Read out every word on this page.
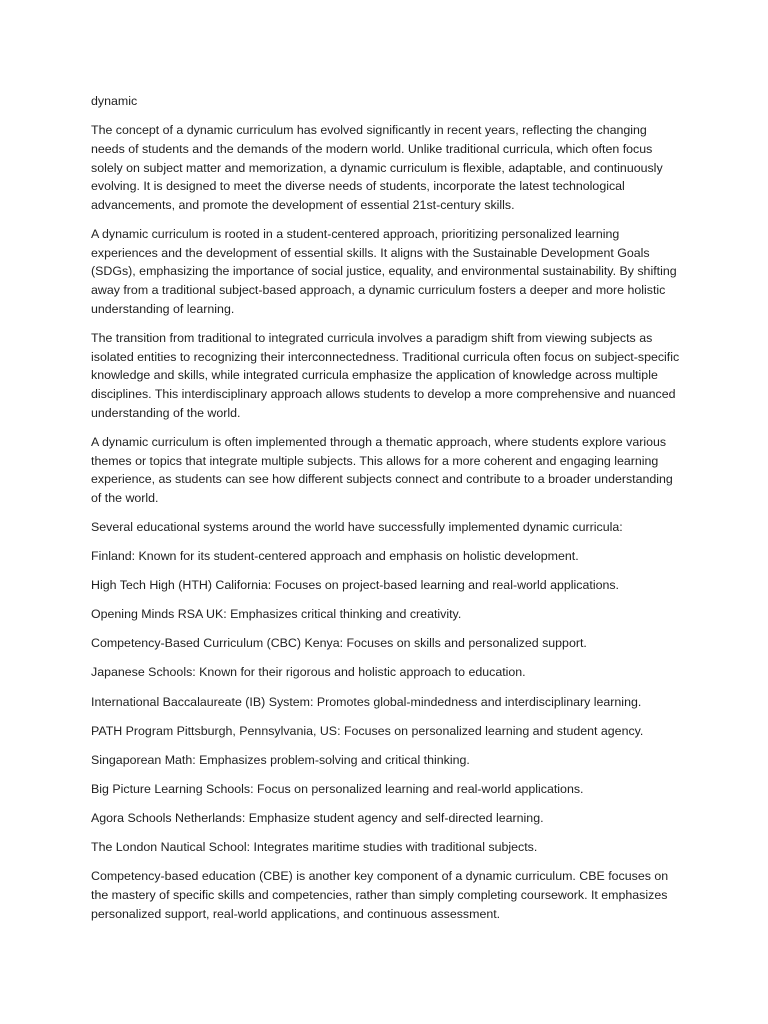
dynamic

The concept of a dynamic curriculum has evolved significantly in recent years, reflecting the changing needs of students and the demands of the modern world. Unlike traditional curricula, which often focus solely on subject matter and memorization, a dynamic curriculum is flexible, adaptable, and continuously evolving. It is designed to meet the diverse needs of students, incorporate the latest technological advancements, and promote the development of essential 21st-century skills.

A dynamic curriculum is rooted in a student-centered approach, prioritizing personalized learning experiences and the development of essential skills. It aligns with the Sustainable Development Goals (SDGs), emphasizing the importance of social justice, equality, and environmental sustainability. By shifting away from a traditional subject-based approach, a dynamic curriculum fosters a deeper and more holistic understanding of learning.

The transition from traditional to integrated curricula involves a paradigm shift from viewing subjects as isolated entities to recognizing their interconnectedness. Traditional curricula often focus on subject-specific knowledge and skills, while integrated curricula emphasize the application of knowledge across multiple disciplines. This interdisciplinary approach allows students to develop a more comprehensive and nuanced understanding of the world.

A dynamic curriculum is often implemented through a thematic approach, where students explore various themes or topics that integrate multiple subjects. This allows for a more coherent and engaging learning experience, as students can see how different subjects connect and contribute to a broader understanding of the world.

Several educational systems around the world have successfully implemented dynamic curricula:

Finland: Known for its student-centered approach and emphasis on holistic development.

High Tech High (HTH) California: Focuses on project-based learning and real-world applications.

Opening Minds RSA UK: Emphasizes critical thinking and creativity.

Competency-Based Curriculum (CBC) Kenya: Focuses on skills and personalized support.

Japanese Schools: Known for their rigorous and holistic approach to education.

International Baccalaureate (IB) System: Promotes global-mindedness and interdisciplinary learning.

PATH Program Pittsburgh, Pennsylvania, US: Focuses on personalized learning and student agency.

Singaporean Math: Emphasizes problem-solving and critical thinking.

Big Picture Learning Schools: Focus on personalized learning and real-world applications.

Agora Schools Netherlands: Emphasize student agency and self-directed learning.

The London Nautical School: Integrates maritime studies with traditional subjects.

Competency-based education (CBE) is another key component of a dynamic curriculum. CBE focuses on the mastery of specific skills and competencies, rather than simply completing coursework. It emphasizes personalized support, real-world applications, and continuous assessment.
